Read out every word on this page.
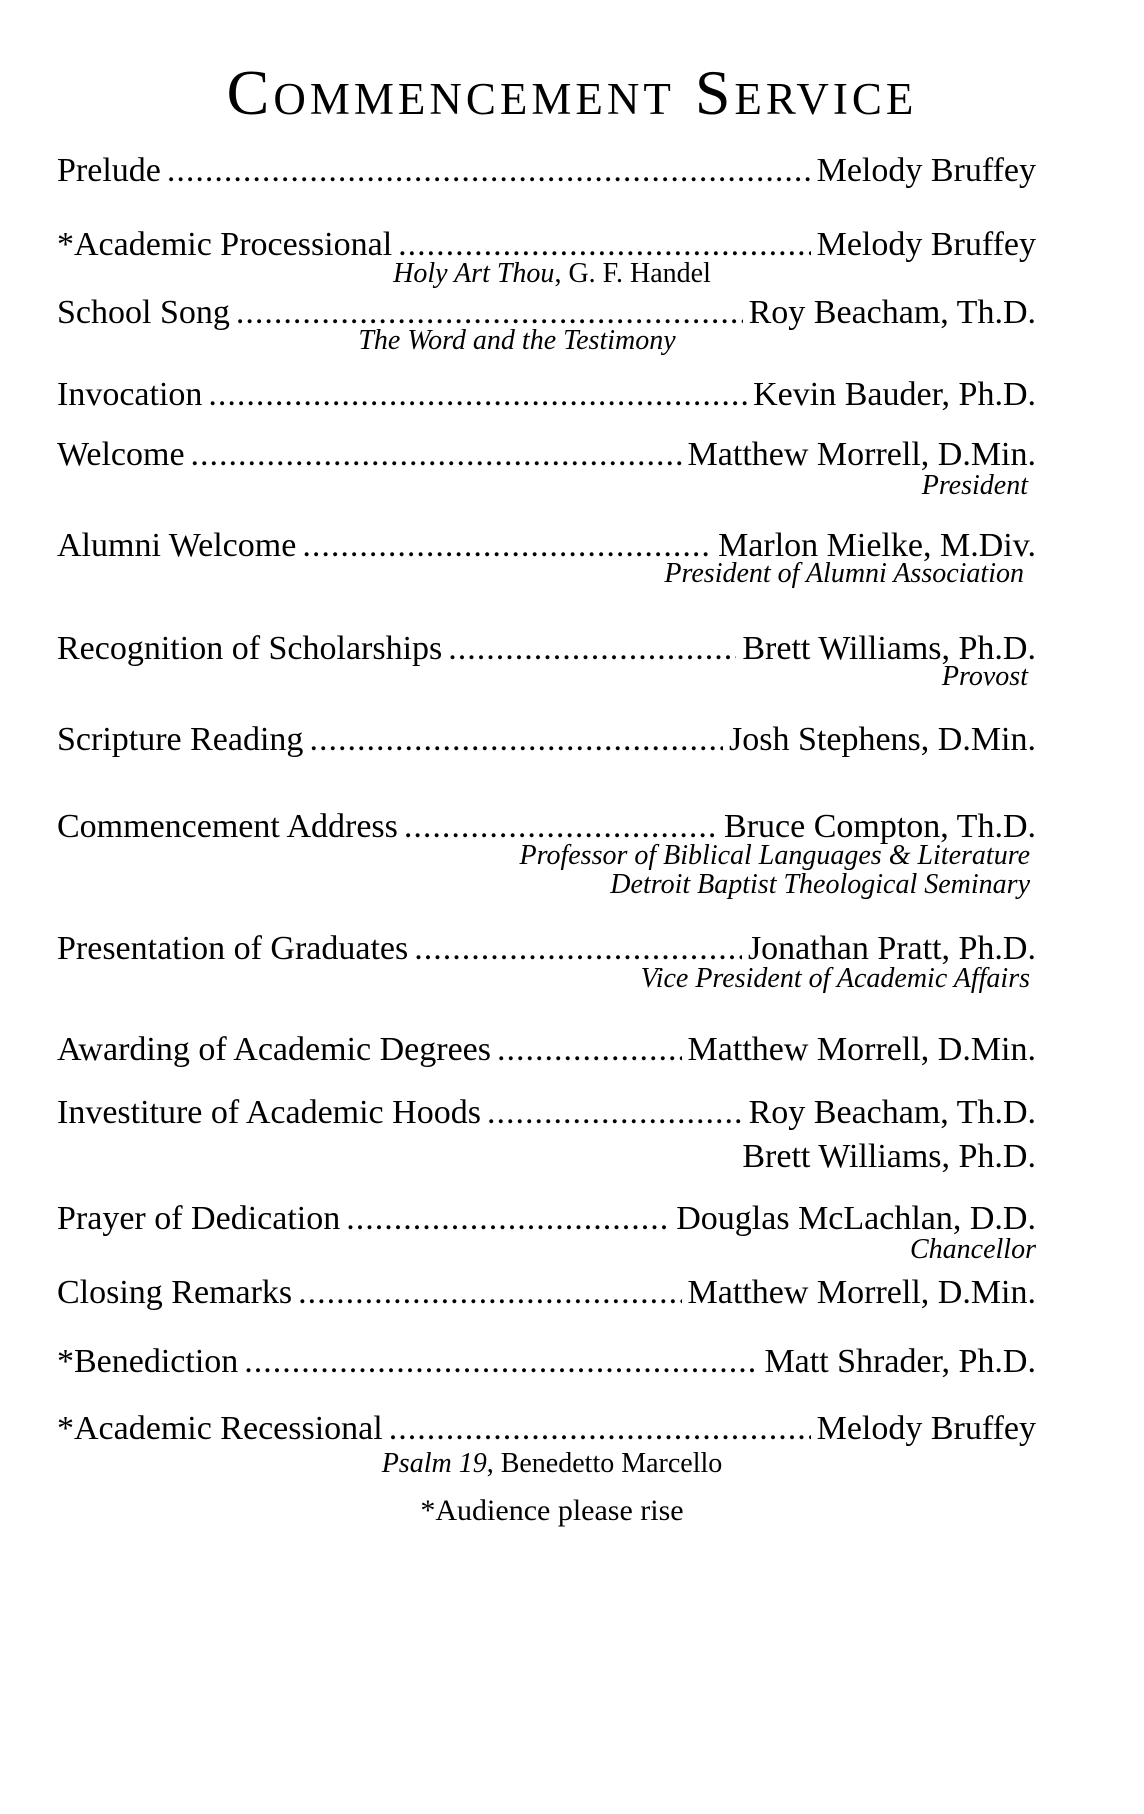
Commencement Service
Prelude .....	Melody Bruffey
*Academic Processional .....	Melody Bruffey
Holy Art Thou, G. F. Handel
School Song .....	Roy Beacham, Th.D.
The Word and the Testimony
Invocation .....	Kevin Bauder, Ph.D.
Welcome .....	Matthew Morrell, D.Min.
President
Alumni Welcome .....	Marlon Mielke, M.Div.
President of Alumni Association
Recognition of Scholarships .....	Brett Williams, Ph.D.
Provost
Scripture Reading .....	Josh Stephens, D.Min.
Commencement Address .....	Bruce Compton, Th.D.
Professor of Biblical Languages & Literature
Detroit Baptist Theological Seminary
Presentation of Graduates .....	Jonathan Pratt, Ph.D.
Vice President of Academic Affairs
Awarding of Academic Degrees .....	Matthew Morrell, D.Min.
Investiture of Academic Hoods .....	Roy Beacham, Th.D.
Brett Williams, Ph.D.
Prayer of Dedication .....	Douglas McLachlan, D.D.
Chancellor
Closing Remarks .....	Matthew Morrell, D.Min.
*Benediction .....	Matt Shrader, Ph.D.
*Academic Recessional .....	Melody Bruffey
Psalm 19, Benedetto Marcello
*Audience please rise
